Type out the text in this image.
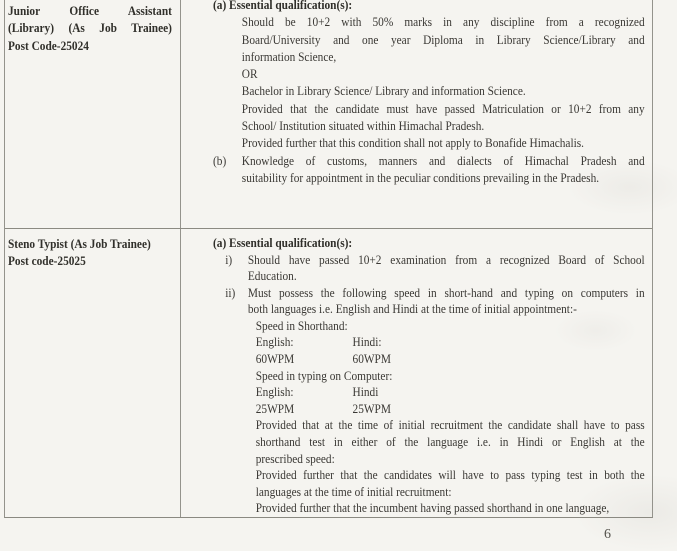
Junior Office Assistant
(Library) (As Job Trainee)
Post Code-25024
(a) Essential qualification(s):
Should be 10+2 with 50% marks in any discipline from a recognized
Board/University and one year Diploma in Library Science/Library and
information Science,
OR
Bachelor in Library Science/ Library and information Science.
Provided that the candidate must have passed Matriculation or 10+2 from any
School/ Institution situated within Himachal Pradesh.
Provided further that this condition shall not apply to Bonafide Himachalis.
(b) Knowledge of customs, manners and dialects of Himachal Pradesh and
suitability for appointment in the peculiar conditions prevailing in the Pradesh.
Steno Typist (As Job Trainee)
Post code-25025
(a) Essential qualification(s):
i) Should have passed 10+2 examination from a recognized Board of School
Education.
ii) Must possess the following speed in short-hand and typing on computers in
both languages i.e. English and Hindi at the time of initial appointment:-
Speed in Shorthand:
English:	Hindi:
60WPM	60WPM
Speed in typing on Computer:
English:	Hindi
25WPM	25WPM
Provided that at the time of initial recruitment the candidate shall have to pass
shorthand test in either of the language i.e. in Hindi or English at the
prescribed speed:
Provided further that the candidates will have to pass typing test in both the
languages at the time of initial recruitment:
Provided further that the incumbent having passed shorthand in one language,
6
